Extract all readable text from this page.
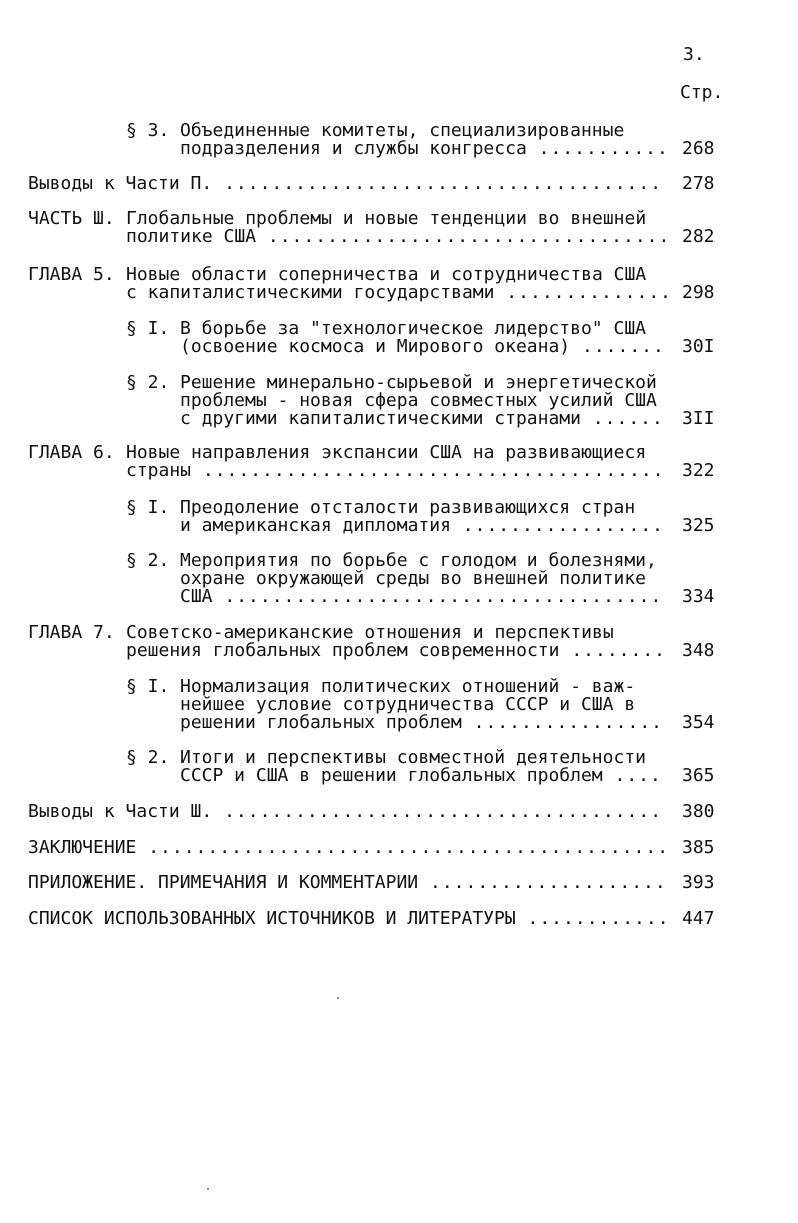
3.
Стр.
§ 3. Объединенные комитеты, специализированные
подразделения и службы конгресса ........... 268
Выводы к Части П. ..................................... 278
ЧАСТЬ Ш. Глобальные проблемы и новые тенденции во внешней
политике США .................................. 282
ГЛАВА 5. Новые области соперничества и сотрудничества США
с капиталистическими государствами .............. 298
§ I. В борьбе за "технологическое лидерство" США
(освоение космоса и Мирового океана) ....... 30I
§ 2. Решение минерально-сырьевой и энергетической
проблемы - новая сфера совместных усилий США
с другими капиталистическими странами ...... 3II
ГЛАВА 6. Новые направления экспансии США на развивающиеся
страны ....................................... 322
§ I. Преодоление отсталости развивающихся стран
и американская дипломатия ................. 325
§ 2. Мероприятия по борьбе с голодом и болезнями,
охране окружающей среды во внешней политике
США ..................................... 334
ГЛАВА 7. Советско-американские отношения и перспективы
решения глобальных проблем современности ........ 348
§ I. Нормализация политических отношений - важ-
нейшее условие сотрудничества СССР и США в
решении глобальных проблем ................ 354
§ 2. Итоги и перспективы совместной деятельности
СССР и США в решении глобальных проблем .... 365
Выводы к Части Ш. ..................................... 380
ЗАКЛЮЧЕНИЕ ............................................ 385
ПРИЛОЖЕНИЕ. ПРИМЕЧАНИЯ И КОММЕНТАРИИ .................... 393
СПИСОК ИСПОЛЬЗОВАННЫХ ИСТОЧНИКОВ И ЛИТЕРАТУРЫ ............ 447
